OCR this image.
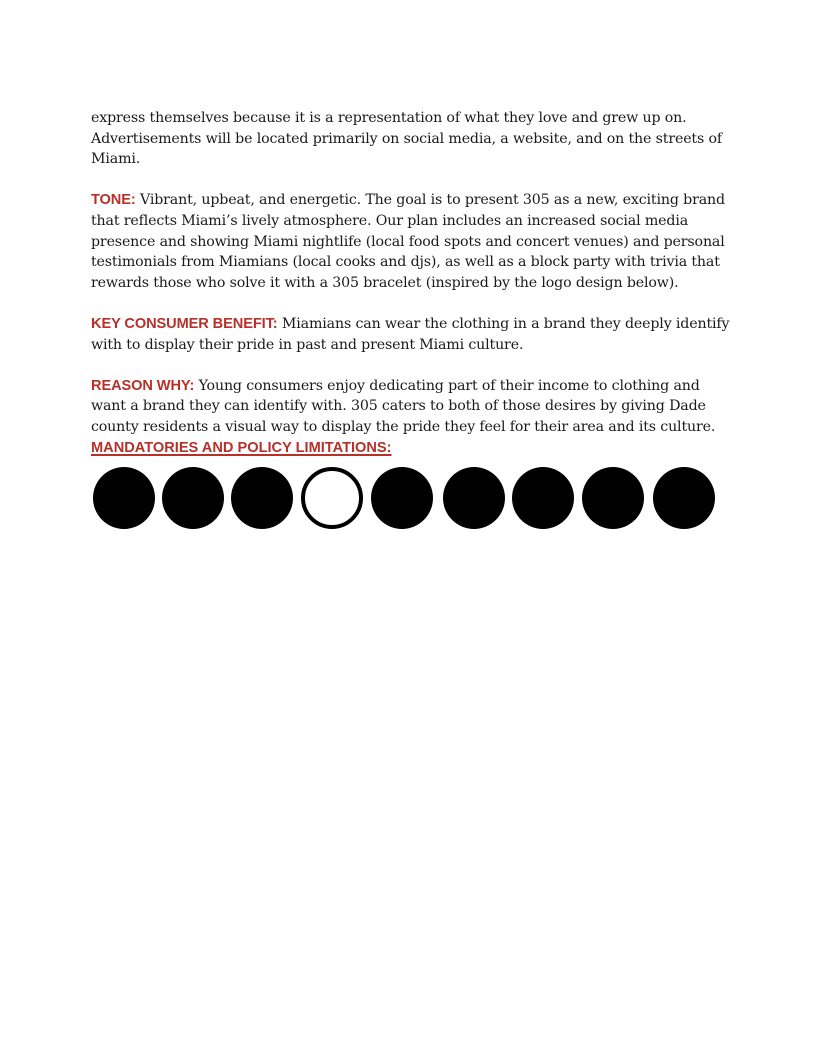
express themselves because it is a representation of what they love and grew up on. Advertisements will be located primarily on social media, a website, and on the streets of Miami.

TONE: Vibrant, upbeat, and energetic. The goal is to present 305 as a new, exciting brand that reflects Miami’s lively atmosphere. Our plan includes an increased social media presence and showing Miami nightlife (local food spots and concert venues) and personal testimonials from Miamians (local cooks and djs), as well as a block party with trivia that rewards those who solve it with a 305 bracelet (inspired by the logo design below).

KEY CONSUMER BENEFIT: Miamians can wear the clothing in a brand they deeply identify with to display their pride in past and present Miami culture.

REASON WHY: Young consumers enjoy dedicating part of their income to clothing and want a brand they can identify with. 305 caters to both of those desires by giving Dade county residents a visual way to display the pride they feel for their area and its culture.

MANDATORIES AND POLICY LIMITATIONS:
